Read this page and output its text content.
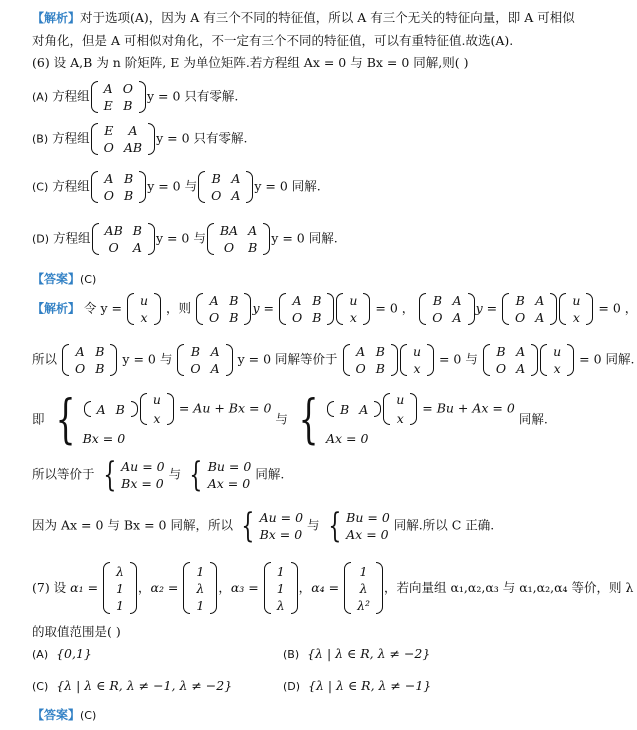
【解析】对于选项(A)，因为 A 有三个不同的特征值，所以 A 有三个无关的特征向量，即 A 可相似
对角化，但是 A 可相似对角化，不一定有三个不同的特征值，可以有重特征值.故选(A).
(6) 设 A,B 为 n 阶矩阵, E 为单位矩阵.若方程组 Ax = 0 与 Bx = 0 同解,则( )
(A) 方程组 A	O
E	B
y = 0 只有零解.
(B) 方程组 E	A
O	AB
y = 0 只有零解.
(C) 方程组 A	B
O	B
y = 0 与 B	A
O	A
y = 0 同解.
(D) 方程组 AB	B
O	A
y = 0 与 BA	A
O	B
y = 0 同解.
【答案】(C)
【解析】 令 y = u
x
，则 A	B
O	B
y = A	B
O	B
u
x
= 0 ， B	A
O	A
y = B	A
O	A
u
x
= 0 ，
所以 A	B
O	B
y = 0 与 B	A
O	A
y = 0 同解等价于 A	B
O	B
u
x
= 0 与 B	A
O	A
u
x
= 0 同解.
即 { A	B
u
x
= Au + Bx = 0
Bx = 0
与 { B	A
u
x
= Bu + Ax = 0
Ax = 0
同解.
所以等价于 { Au = 0
Bx = 0
与 { Bu = 0
Ax = 0
同解.
因为 Ax = 0 与 Bx = 0 同解，所以 { Au = 0
Bx = 0
与 { Bu = 0
Ax = 0
同解.所以 C 正确.
(7) 设 α₁ =
λ
1
1
，α₂ =
1
λ
1
，α₃ =
1
1
λ
，α₄ =
1
λ
λ²
，若向量组 α₁,α₂,α₃ 与 α₁,α₂,α₄ 等价，则 λ
的取值范围是( )
(A) {0,1}	(B) {λ | λ ∈ R, λ ≠ −2}
(C) {λ | λ ∈ R, λ ≠ −1, λ ≠ −2}	(D) {λ | λ ∈ R, λ ≠ −1}
【答案】(C)
